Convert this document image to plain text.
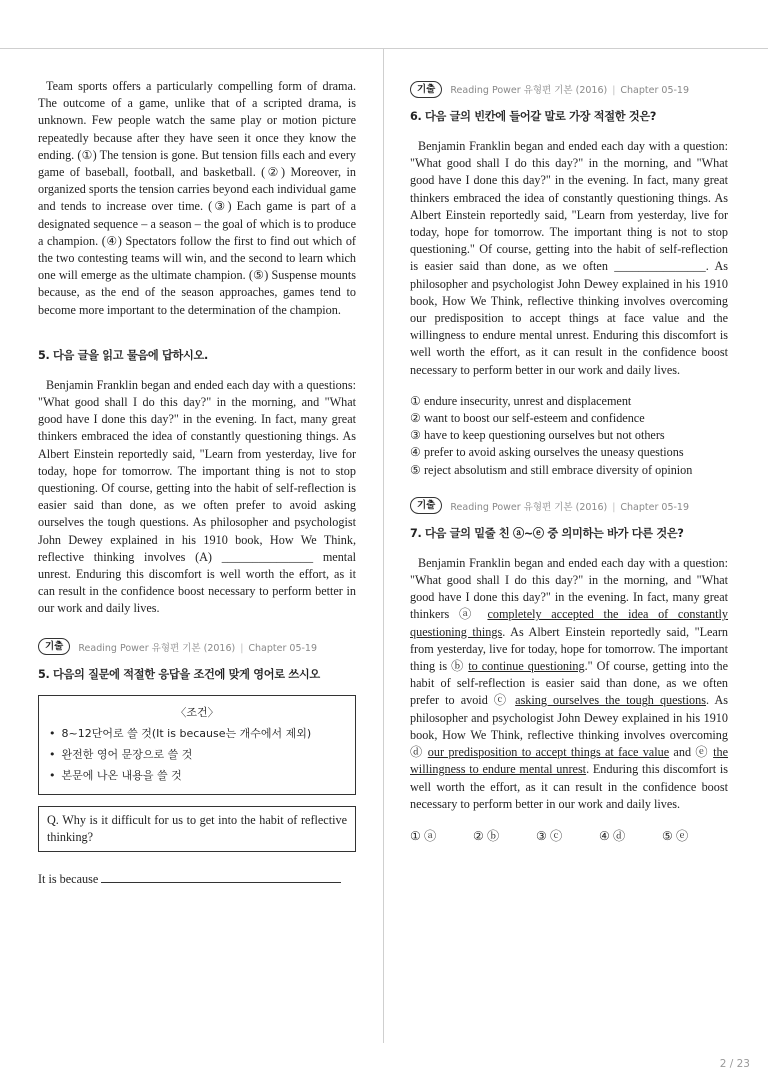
Team sports offers a particularly compelling form of drama. The outcome of a game, unlike that of a scripted drama, is unknown. Few people watch the same play or motion picture repeatedly because after they have seen it once they know the ending. (①) The tension is gone. But tension fills each and every game of baseball, football, and basketball. (②) Moreover, in organized sports the tension carries beyond each individual game and tends to increase over time. (③) Each game is part of a designated sequence – a season – the goal of which is to produce a champion. (④) Spectators follow the first to find out which of the two contesting teams will win, and the second to learn which one will emerge as the ultimate champion. (⑤) Suspense mounts because, as the end of the season approaches, games tend to become more important to the determination of the champion.

5. 다음 글을 읽고 물음에 답하시오.

Benjamin Franklin began and ended each day with a questions: "What good shall I do this day?" in the morning, and "What good have I done this day?" in the evening. In fact, many great thinkers embraced the idea of constantly questioning things. As Albert Einstein reportedly said, "Learn from yesterday, live for today, hope for tomorrow. The important thing is not to stop questioning. Of course, getting into the habit of self-reflection is easier said than done, as we often prefer to avoid asking ourselves the tough questions. As philosopher and psychologist John Dewey explained in his 1910 book, How We Think, reflective thinking involves (A) _______________ mental unrest. Enduring this discomfort is well worth the effort, as it can result in the confidence boost necessary to perform better in our work and daily lives.

기출	Reading Power 유형편 기본 (2016) | Chapter 05-19

5. 다음의 질문에 적절한 응답을 조건에 맞게 영어로 쓰시오

〈조건〉
• 8~12단어로 쓸 것(It is because는 개수에서 제외)
• 완전한 영어 문장으로 쓸 것
• 본문에 나온 내용을 쓸 것
Q. Why is it difficult for us to get into the habit of reflective thinking?
It is because
기출	Reading Power 유형편 기본 (2016) | Chapter 05-19

6. 다음 글의 빈칸에 들어갈 말로 가장 적절한 것은?

Benjamin Franklin began and ended each day with a question: "What good shall I do this day?" in the morning, and "What good have I done this day?" in the evening. In fact, many great thinkers embraced the idea of constantly questioning things. As Albert Einstein reportedly said, "Learn from yesterday, live for today, hope for tomorrow. The important thing is not to stop questioning." Of course, getting into the habit of self-reflection is easier said than done, as we often _______________. As philosopher and psychologist John Dewey explained in his 1910 book, How We Think, reflective thinking involves overcoming our predisposition to accept things at face value and the willingness to endure mental unrest. Enduring this discomfort is well worth the effort, as it can result in the confidence boost necessary to perform better in our work and daily lives.

① endure insecurity, unrest and displacement

② want to boost our self-esteem and confidence

③ have to keep questioning ourselves but not others

④ prefer to avoid asking ourselves the uneasy questions

⑤ reject absolutism and still embrace diversity of opinion

기출	Reading Power 유형편 기본 (2016) | Chapter 05-19

7. 다음 글의 밑줄 친 ⓐ~ⓔ 중 의미하는 바가 다른 것은?

Benjamin Franklin began and ended each day with a question: "What good shall I do this day?" in the morning, and "What good have I done this day?" in the evening. In fact, many great thinkers ⓐ completely accepted the idea of constantly questioning things. As Albert Einstein reportedly said, "Learn from yesterday, live for today, hope for tomorrow. The important thing is ⓑ to continue questioning." Of course, getting into the habit of self-reflection is easier said than done, as we often prefer to avoid ⓒ asking ourselves the tough questions. As philosopher and psychologist John Dewey explained in his 1910 book, How We Think, reflective thinking involves overcoming ⓓ our predisposition to accept things at face value and ⓔ the willingness to endure mental unrest. Enduring this discomfort is well worth the effort, as it can result in the confidence boost necessary to perform better in our work and daily lives.

① ⓐ	② ⓑ	③ ⓒ	④ ⓓ	⑤ ⓔ
2 / 23
